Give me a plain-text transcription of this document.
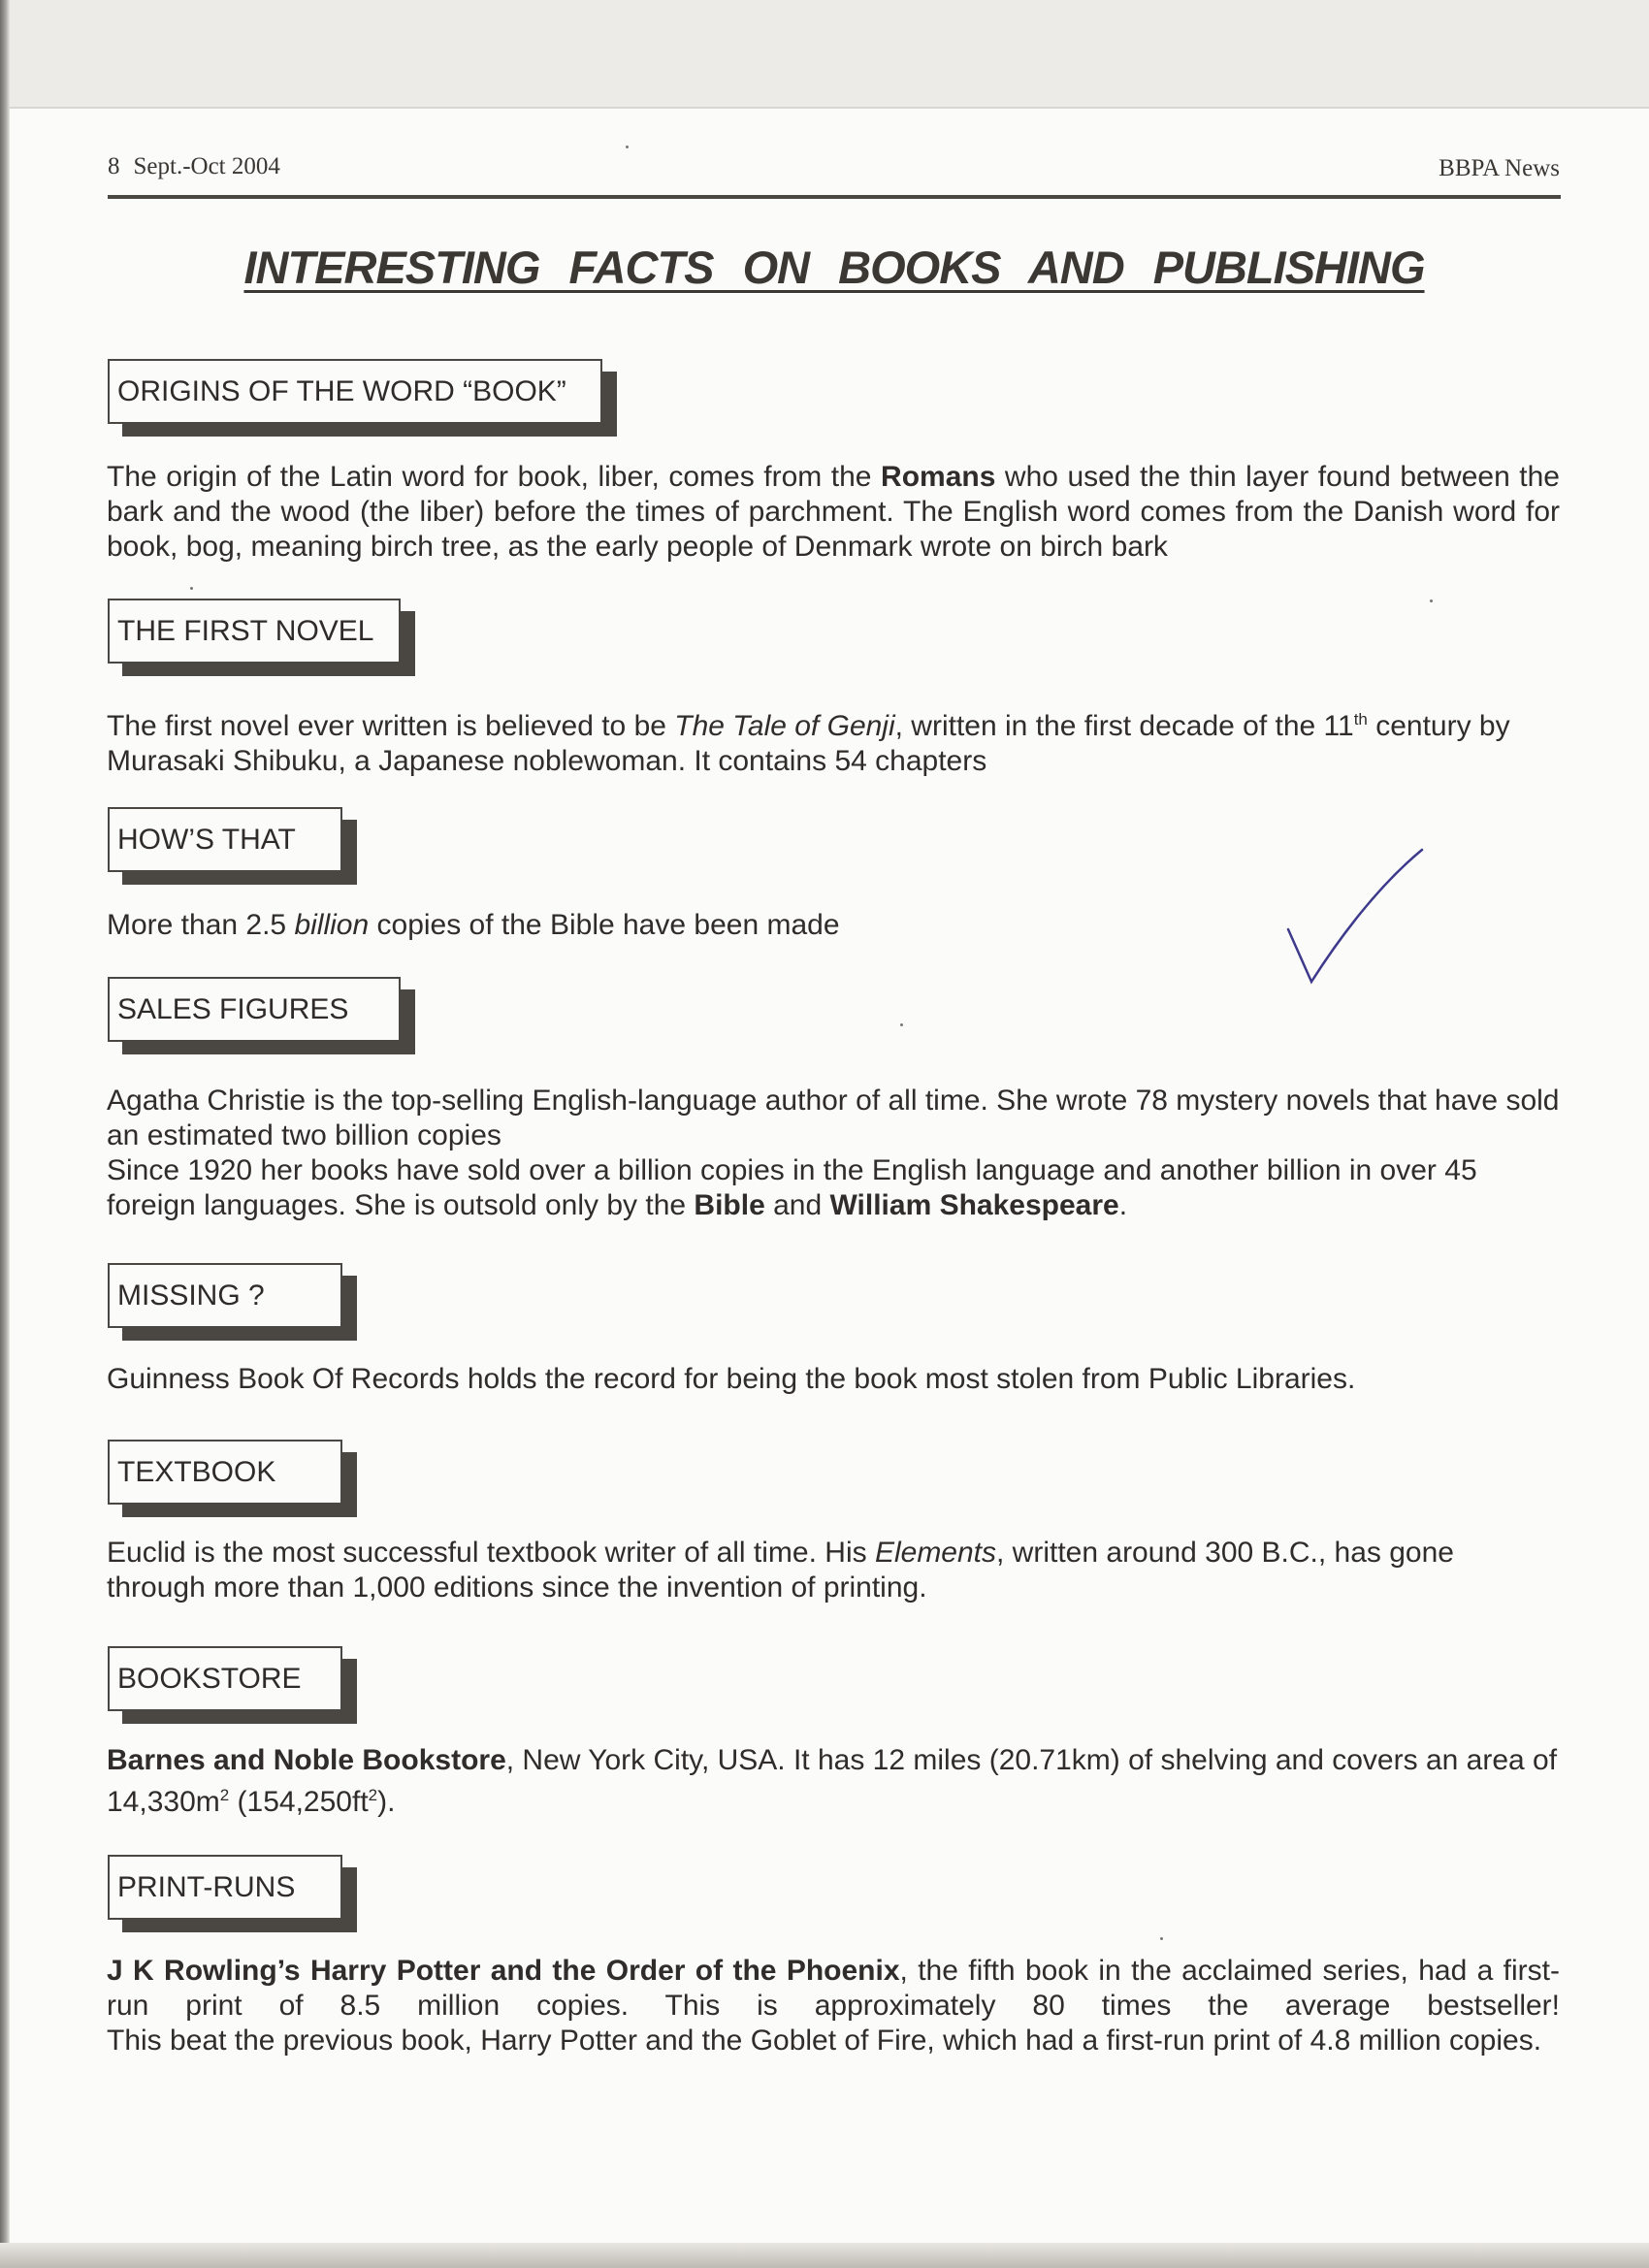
8 Sept.-Oct 2004	BBPA News
INTERESTING FACTS ON BOOKS AND PUBLISHING
ORIGINS OF THE WORD “BOOK”
The origin of the Latin word for book, liber, comes from the Romans who used the thin layer found between the bark and the wood (the liber) before the times of parchment. The English word comes from the Danish word for book, bog, meaning birch tree, as the early people of Denmark wrote on birch bark
THE FIRST NOVEL
The first novel ever written is believed to be The Tale of Genji, written in the first decade of the 11th century by Murasaki Shibuku, a Japanese noblewoman. It contains 54 chapters
HOW’S THAT
More than 2.5 billion copies of the Bible have been made
SALES FIGURES

Agatha Christie is the top-selling English-language author of all time. She wrote 78 mystery novels that have sold an estimated two billion copies

Since 1920 her books have sold over a billion copies in the English language and another billion in over 45 foreign languages. She is outsold only by the Bible and William Shakespeare.

MISSING ?
Guinness Book Of Records holds the record for being the book most stolen from Public Libraries.
TEXTBOOK
Euclid is the most successful textbook writer of all time. His Elements, written around 300 B.C., has gone through more than 1,000 editions since the invention of printing.
BOOKSTORE
Barnes and Noble Bookstore, New York City, USA. It has 12 miles (20.71km) of shelving and covers an area of $14,330m^2$ $(154,250ft^2)$.
PRINT-RUNS

J K Rowling’s Harry Potter and the Order of the Phoenix, the fifth book in the acclaimed series, had a first-run print of 8.5 million copies. This is approximately 80 times the average bestseller!

This beat the previous book, Harry Potter and the Goblet of Fire, which had a first-run print of 4.8 million copies.
